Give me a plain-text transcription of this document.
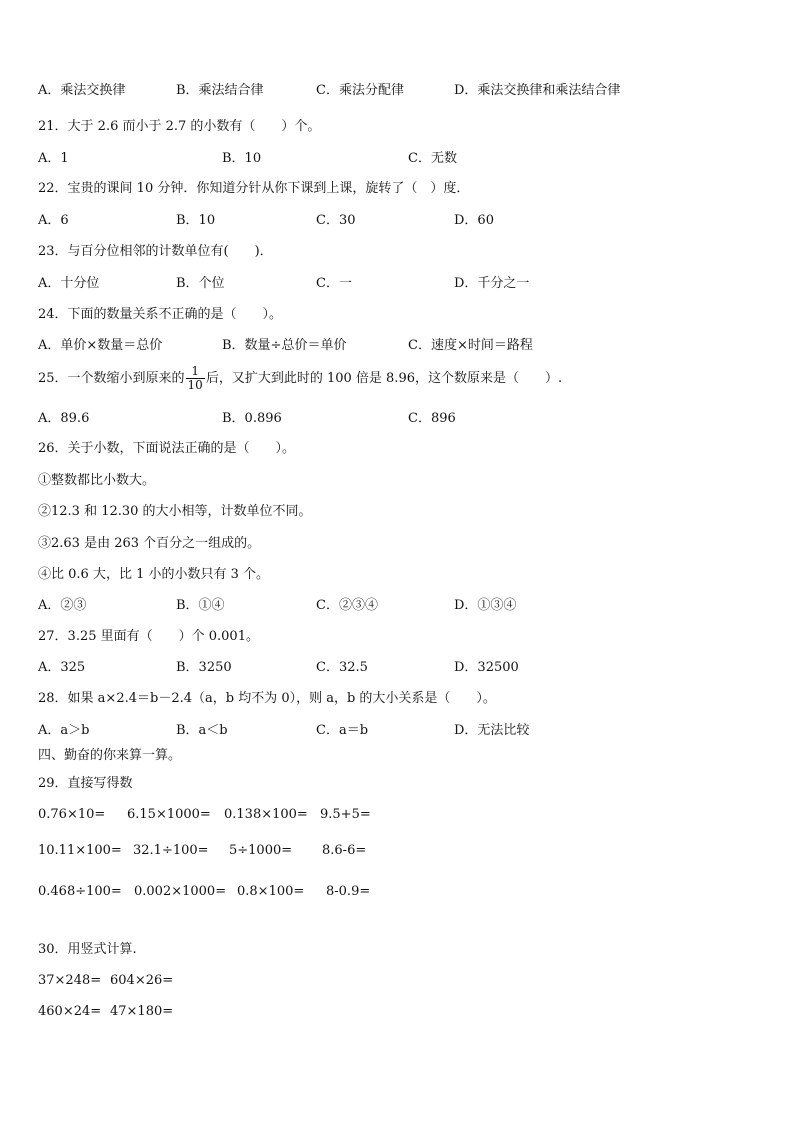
A．乘法交换律	B．乘法结合律	C．乘法分配律	D．乘法交换律和乘法结合律
21．大于 2.6 而小于 2.7 的小数有（　　）个。
A．1	B．10	C．无数
22．宝贵的课间 10 分钟．你知道分针从你下课到上课，旋转了（　）度．
A．6	B．10	C．30	D．60
23．与百分位相邻的计数单位有(　　)．
A．十分位	B．个位	C．一	D．千分之一
24．下面的数量关系不正确的是（　　）。
A．单价×数量＝总价	B．数量÷总价＝单价	C．速度×时间＝路程
25．一个数缩小到原来的 $\frac{1}{10}$ 后，又扩大到此时的 100 倍是 8.96，这个数原来是（　　）.
A．89.6	B．0.896	C．896
26．关于小数，下面说法正确的是（　　）。
①整数都比小数大。
②12.3 和 12.30 的大小相等，计数单位不同。
③2.63 是由 263 个百分之一组成的。
④比 0.6 大，比 1 小的小数只有 3 个。
A．②③	B．①④	C．②③④	D．①③④
27．3.25 里面有（　　）个 0.001。
A．325	B．3250	C．32.5	D．32500
28．如果 a×2.4＝b－2.4（a，b 均不为 0），则 a，b 的大小关系是（　　）。
A．a＞b	B．a＜b	C．a＝b	D．无法比较
四、勤奋的你来算一算。
29．直接写得数
0.76×10= 6.15×1000= 0.138×100= 9.5+5=
10.11×100= 32.1÷100= 5÷1000= 8.6-6=
0.468÷100= 0.002×1000= 0.8×100= 8-0.9=
30．用竖式计算.
37×248= 604×26=
460×24= 47×180=
